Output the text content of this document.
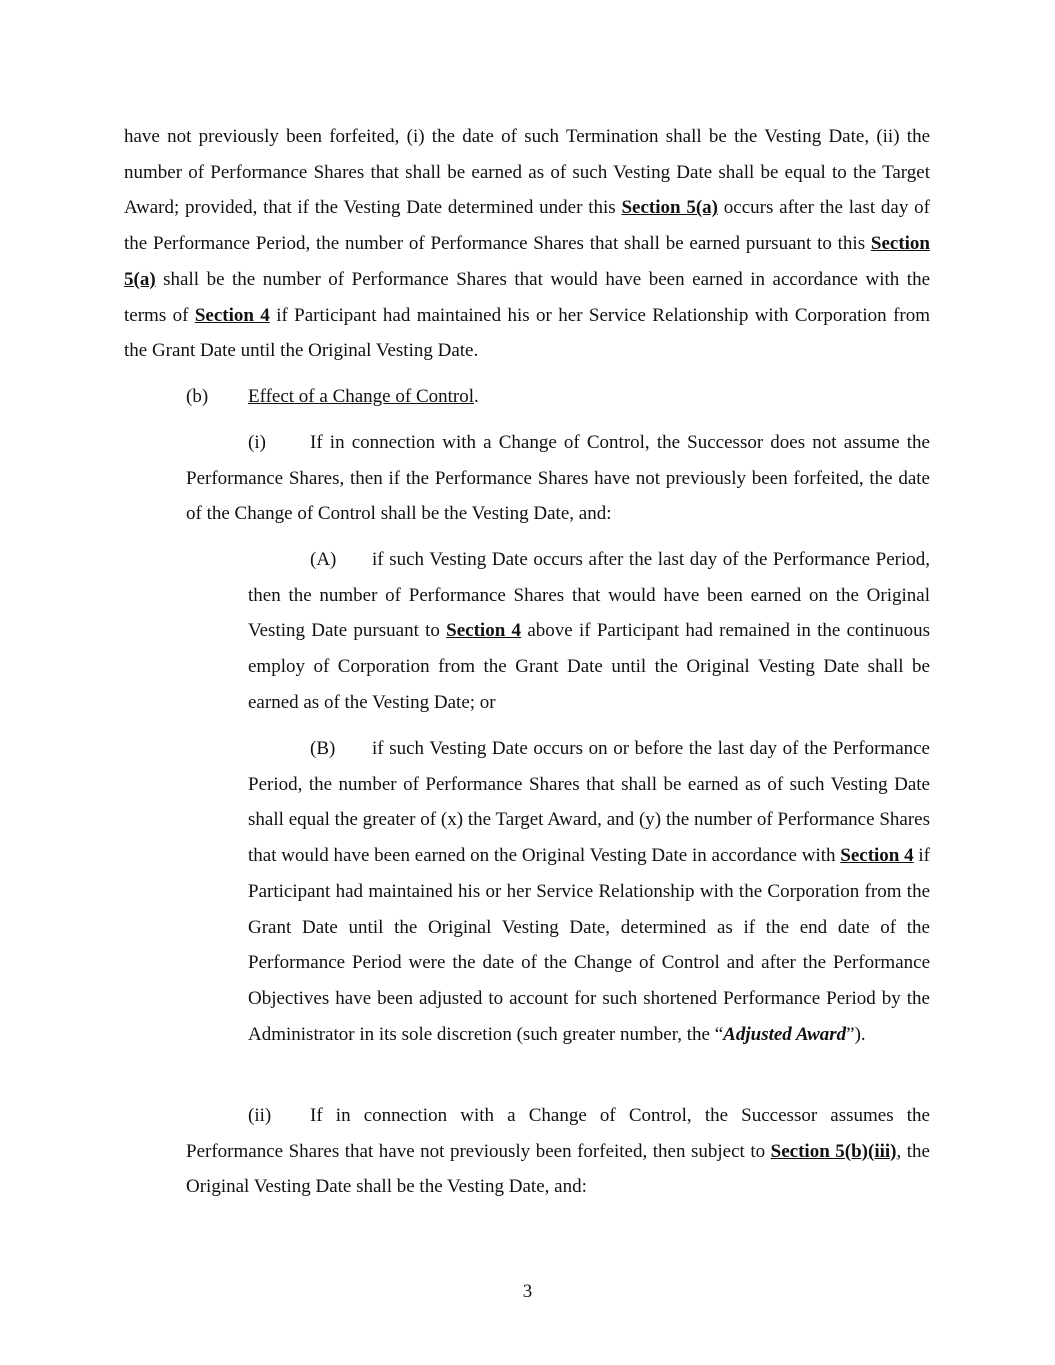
have not previously been forfeited, (i) the date of such Termination shall be the Vesting Date, (ii) the number of Performance Shares that shall be earned as of such Vesting Date shall be equal to the Target Award; provided, that if the Vesting Date determined under this Section 5(a) occurs after the last day of the Performance Period, the number of Performance Shares that shall be earned pursuant to this Section 5(a) shall be the number of Performance Shares that would have been earned in accordance with the terms of Section 4 if Participant had maintained his or her Service Relationship with Corporation from the Grant Date until the Original Vesting Date.

(b) Effect of a Change of Control.

(i) If in connection with a Change of Control, the Successor does not assume the Performance Shares, then if the Performance Shares have not previously been forfeited, the date of the Change of Control shall be the Vesting Date, and:

(A) if such Vesting Date occurs after the last day of the Performance Period, then the number of Performance Shares that would have been earned on the Original Vesting Date pursuant to Section 4 above if Participant had remained in the continuous employ of Corporation from the Grant Date until the Original Vesting Date shall be earned as of the Vesting Date; or

(B) if such Vesting Date occurs on or before the last day of the Performance Period, the number of Performance Shares that shall be earned as of such Vesting Date shall equal the greater of (x) the Target Award, and (y) the number of Performance Shares that would have been earned on the Original Vesting Date in accordance with Section 4 if Participant had maintained his or her Service Relationship with the Corporation from the Grant Date until the Original Vesting Date, determined as if the end date of the Performance Period were the date of the Change of Control and after the Performance Objectives have been adjusted to account for such shortened Performance Period by the Administrator in its sole discretion (such greater number, the “Adjusted Award”).

(ii) If in connection with a Change of Control, the Successor assumes the Performance Shares that have not previously been forfeited, then subject to Section 5(b)(iii), the Original Vesting Date shall be the Vesting Date, and:

3
